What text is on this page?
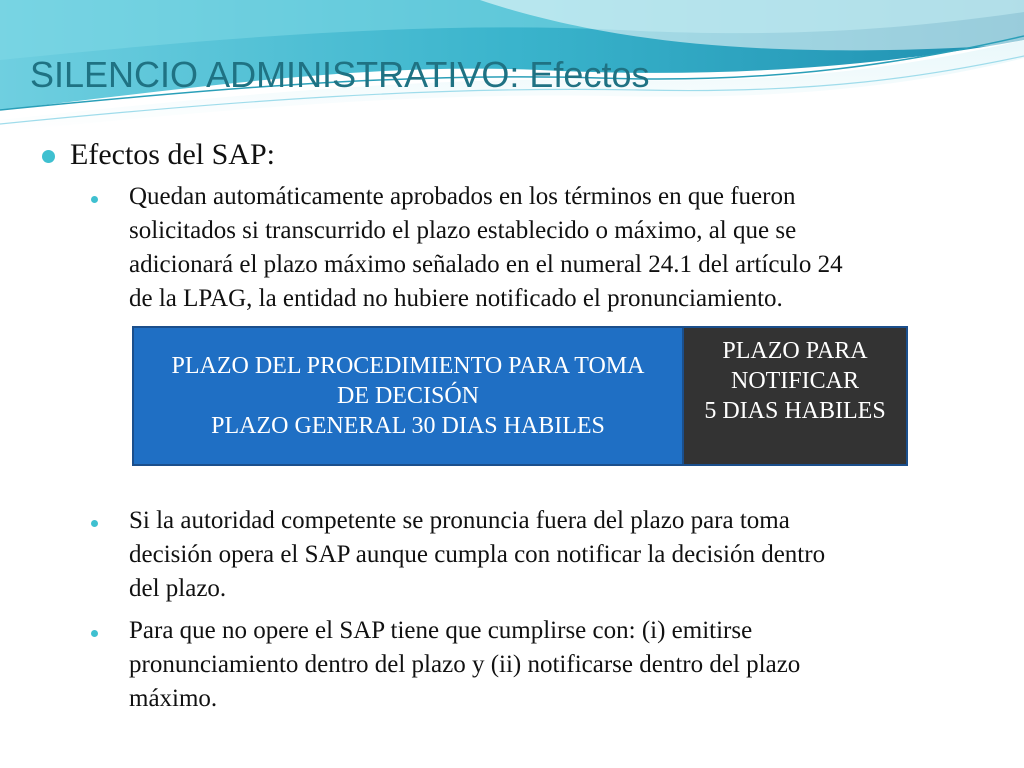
SILENCIO ADMINISTRATIVO: Efectos
Efectos del SAP:
Quedan automáticamente aprobados en los términos en que fueron
solicitados si transcurrido el plazo establecido o máximo, al que se
adicionará el plazo máximo señalado en el numeral 24.1 del artículo 24
de la LPAG, la entidad no hubiere notificado el pronunciamiento.
PLAZO DEL PROCEDIMIENTO PARA TOMA
DE DECISÓN
PLAZO GENERAL 30 DIAS HABILES
PLAZO PARA
NOTIFICAR
5 DIAS HABILES
Si la autoridad competente se pronuncia fuera del plazo para toma
decisión opera el SAP aunque cumpla con notificar la decisión dentro
del plazo.
Para que no opere el SAP tiene que cumplirse con: (i) emitirse
pronunciamiento dentro del plazo y (ii) notificarse dentro del plazo
máximo.
